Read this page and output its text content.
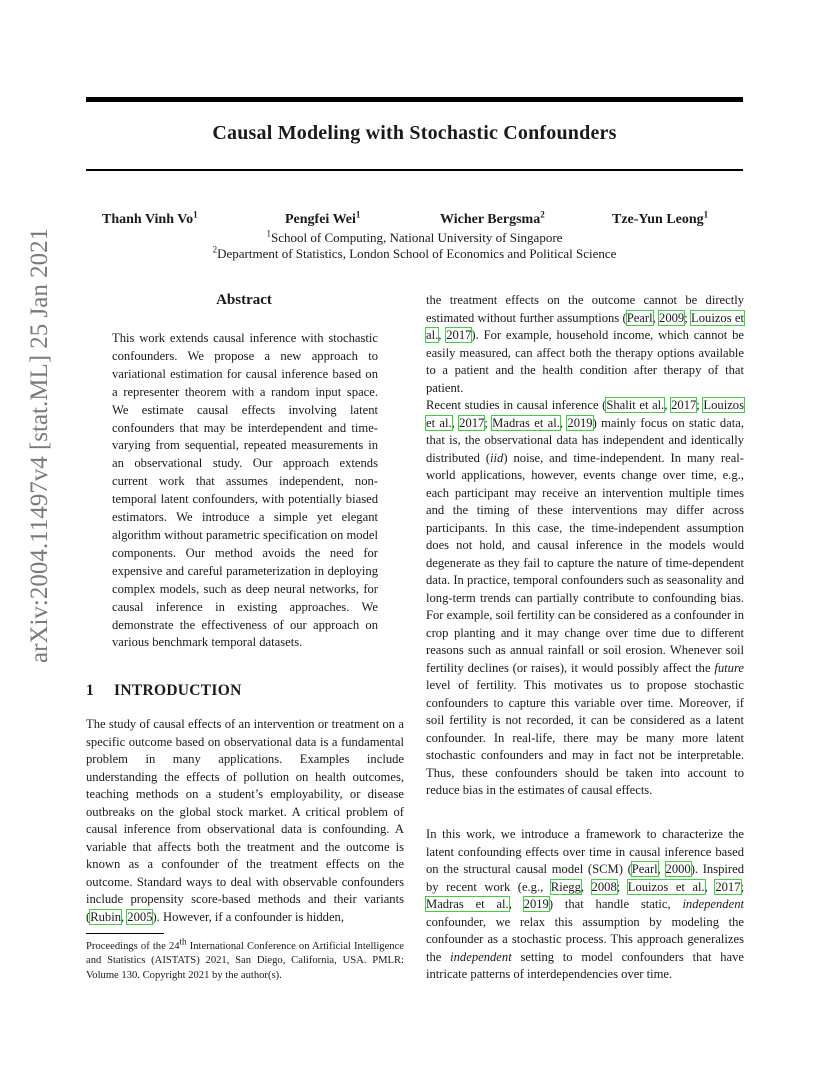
arXiv:2004.11497v4 [stat.ML] 25 Jan 2021
Causal Modeling with Stochastic Confounders
Thanh Vinh Vo$^1$	Pengfei Wei$^1$	Wicher Bergsma$^2$	Tze-Yun Leong$^1$
$^1$School of Computing, National University of Singapore
$^2$Department of Statistics, London School of Economics and Political Science
Abstract
This work extends causal inference with stochastic confounders. We propose a new approach to variational estimation for causal inference based on a representer theorem with a random input space. We estimate causal effects involving latent confounders that may be interdependent and time-varying from sequential, repeated measurements in an observational study. Our approach extends current work that assumes independent, non-temporal latent confounders, with potentially biased estimators. We introduce a simple yet elegant algorithm without parametric specification on model components. Our method avoids the need for expensive and careful parameterization in deploying complex models, such as deep neural networks, for causal inference in existing approaches. We demonstrate the effectiveness of our approach on various benchmark temporal datasets.
1 INTRODUCTION

The study of causal effects of an intervention or treatment on a specific outcome based on observational data is a fundamental problem in many applications. Examples include understanding the effects of pollution on health outcomes, teaching methods on a student’s employability, or disease outbreaks on the global stock market. A critical problem of causal inference from observational data is confounding. A variable that affects both the treatment and the outcome is known as a confounder of the treatment effects on the outcome. Standard ways to deal with observable confounders include propensity score-based methods and their variants (Rubin, 2005). However, if a confounder is hidden,

Proceedings of the 24th International Conference on Artificial Intelligence and Statistics (AISTATS) 2021, San Diego, California, USA. PMLR: Volume 130. Copyright 2021 by the author(s).

the treatment effects on the outcome cannot be directly estimated without further assumptions (Pearl, 2009; Louizos et al., 2017). For example, household income, which cannot be easily measured, can affect both the therapy options available to a patient and the health condition after therapy of that patient.

Recent studies in causal inference (Shalit et al., 2017; Louizos et al., 2017; Madras et al., 2019) mainly focus on static data, that is, the observational data has independent and identically distributed (iid) noise, and time-independent. In many real-world applications, however, events change over time, e.g., each participant may receive an intervention multiple times and the timing of these interventions may differ across participants. In this case, the time-independent assumption does not hold, and causal inference in the models would degenerate as they fail to capture the nature of time-dependent data. In practice, temporal confounders such as seasonality and long-term trends can partially contribute to confounding bias. For example, soil fertility can be considered as a confounder in crop planting and it may change over time due to different reasons such as annual rainfall or soil erosion. Whenever soil fertility declines (or raises), it would possibly affect the future level of fertility. This motivates us to propose stochastic confounders to capture this variable over time. Moreover, if soil fertility is not recorded, it can be considered as a latent confounder. In real-life, there may be many more latent stochastic confounders and may in fact not be interpretable. Thus, these confounders should be taken into account to reduce bias in the estimates of causal effects.

In this work, we introduce a framework to characterize the latent confounding effects over time in causal inference based on the structural causal model (SCM) (Pearl, 2000). Inspired by recent work (e.g., Riegg, 2008; Louizos et al., 2017; Madras et al., 2019) that handle static, independent confounder, we relax this assumption by modeling the confounder as a stochastic process. This approach generalizes the independent setting to model confounders that have intricate patterns of interdependencies over time.
